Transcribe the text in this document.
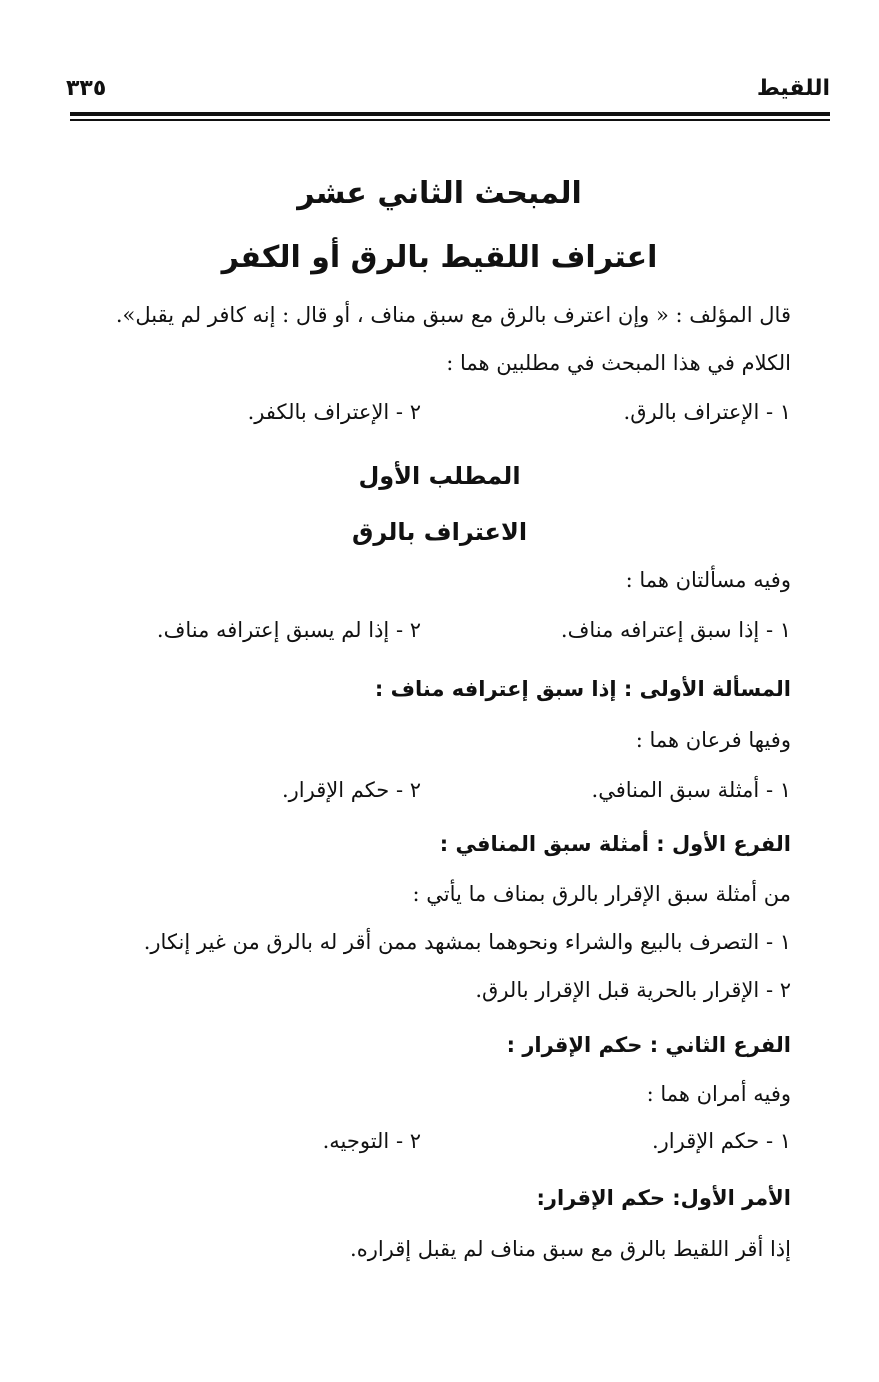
اللقيط
٣٣٥
المبحث الثاني عشر
اعتراف اللقيط بالرق أو الكفر
قال المؤلف : « وإن اعترف بالرق مع سبق مناف ، أو قال : إنه كافر لم يقبل».
الكلام في هذا المبحث في مطلبين هما :
١ - الإعتراف بالرق.
٢ - الإعتراف بالكفر.
المطلب الأول
الاعتراف بالرق
وفيه مسألتان هما :
١ - إذا سبق إعترافه مناف.
٢ - إذا لم يسبق إعترافه مناف.
المسألة الأولى : إذا سبق إعترافه مناف :
وفيها فرعان هما :
١ - أمثلة سبق المنافي.
٢ - حكم الإقرار.
الفرع الأول : أمثلة سبق المنافي :
من أمثلة سبق الإقرار بالرق بمناف ما يأتي :
١ - التصرف بالبيع والشراء ونحوهما بمشهد ممن أقر له بالرق من غير إنكار.
٢ - الإقرار بالحرية قبل الإقرار بالرق.
الفرع الثاني : حكم الإقرار :
وفيه أمران هما :
١ - حكم الإقرار.
٢ - التوجيه.
الأمر الأول: حكم الإقرار:
إذا أقر اللقيط بالرق مع سبق مناف لم يقبل إقراره.
